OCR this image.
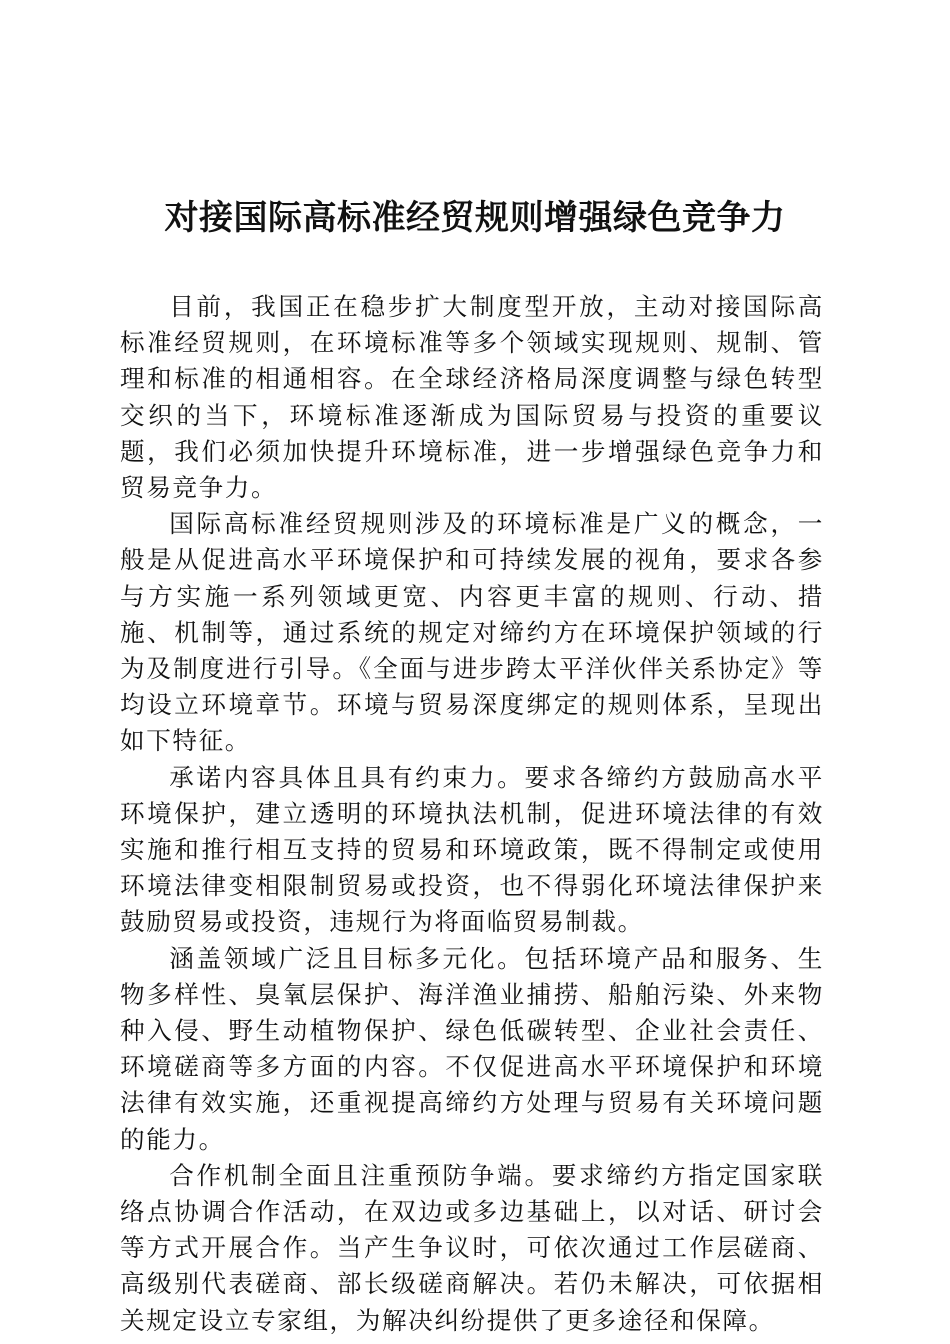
对接国际高标准经贸规则增强绿色竞争力

目前，我国正在稳步扩大制度型开放，主动对接国际高标准经贸规则，在环境标准等多个领域实现规则、规制、管理和标准的相通相容。在全球经济格局深度调整与绿色转型交织的当下，环境标准逐渐成为国际贸易与投资的重要议题，我们必须加快提升环境标准，进一步增强绿色竞争力和贸易竞争力。

国际高标准经贸规则涉及的环境标准是广义的概念，一般是从促进高水平环境保护和可持续发展的视角，要求各参与方实施一系列领域更宽、内容更丰富的规则、行动、措施、机制等，通过系统的规定对缔约方在环境保护领域的行为及制度进行引导。《全面与进步跨太平洋伙伴关系协定》等均设立环境章节。环境与贸易深度绑定的规则体系，呈现出如下特征。

承诺内容具体且具有约束力。要求各缔约方鼓励高水平环境保护，建立透明的环境执法机制，促进环境法律的有效实施和推行相互支持的贸易和环境政策，既不得制定或使用环境法律变相限制贸易或投资，也不得弱化环境法律保护来鼓励贸易或投资，违规行为将面临贸易制裁。

涵盖领域广泛且目标多元化。包括环境产品和服务、生物多样性、臭氧层保护、海洋渔业捕捞、船舶污染、外来物种入侵、野生动植物保护、绿色低碳转型、企业社会责任、环境磋商等多方面的内容。不仅促进高水平环境保护和环境法律有效实施，还重视提高缔约方处理与贸易有关环境问题的能力。

合作机制全面且注重预防争端。要求缔约方指定国家联络点协调合作活动，在双边或多边基础上，以对话、研讨会等方式开展合作。当产生争议时，可依次通过工作层磋商、高级别代表磋商、部长级磋商解决。若仍未解决，可依据相关规定设立专家组，为解决纠纷提供了更多途径和保障。
